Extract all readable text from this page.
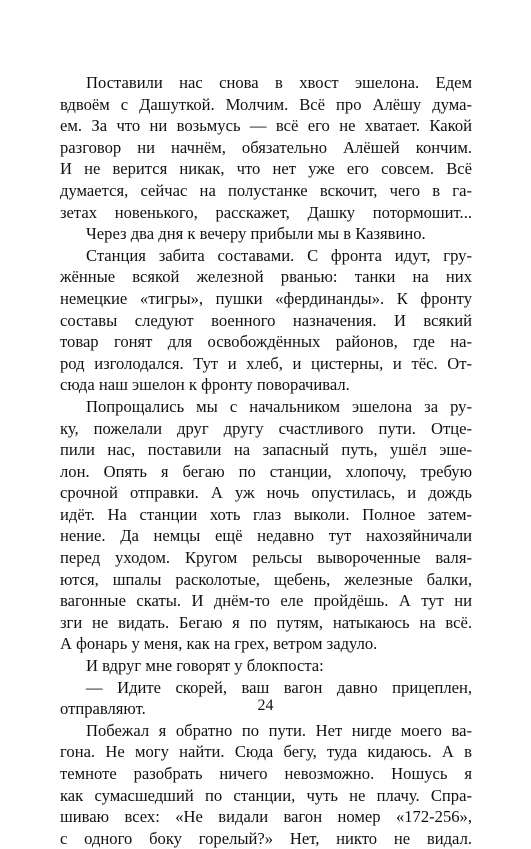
Поставили нас снова в хвост эшелона. Едем
вдвоём с Дашуткой. Молчим. Всё про Алёшу дума-
ем. За что ни возьмусь — всё его не хватает. Какой
разговор ни начнём, обязательно Алёшей кончим.
И не верится никак, что нет уже его совсем. Всё
думается, сейчас на полустанке вскочит, чего в га-
зетах новенького, расскажет, Дашку потормошит...
Через два дня к вечеру прибыли мы в Казявино.
Станция забита составами. С фронта идут, гру-
жённые всякой железной рванью: танки на них
немецкие «тигры», пушки «фердинанды». К фронту
составы следуют военного назначения. И всякий
товар гонят для освобождённых районов, где на-
род изголодался. Тут и хлеб, и цистерны, и тёс. От-
сюда наш эшелон к фронту поворачивал.
Попрощались мы с начальником эшелона за ру-
ку, пожелали друг другу счастливого пути. Отце-
пили нас, поставили на запасный путь, ушёл эше-
лон. Опять я бегаю по станции, хлопочу, требую
срочной отправки. А уж ночь опустилась, и дождь
идёт. На станции хоть глаз выколи. Полное затем-
нение. Да немцы ещё недавно тут нахозяйничали
перед уходом. Кругом рельсы вывороченные валя-
ются, шпалы расколотые, щебень, железные балки,
вагонные скаты. И днём-то еле пройдёшь. А тут ни
зги не видать. Бегаю я по путям, натыкаюсь на всё.
А фонарь у меня, как на грех, ветром задуло.
И вдруг мне говорят у блокпоста:
— Идите скорей, ваш вагон давно прицеплен,
отправляют.
Побежал я обратно по пути. Нет нигде моего ва-
гона. Не могу найти. Сюда бегу, туда кидаюсь. А в
темноте разобрать ничего невозможно. Ношусь я
как сумасшедший по станции, чуть не плачу. Спра-
шиваю всех: «Не видали вагон номер «172-256»,
с одного боку горелый?» Нет, никто не видал.
24
